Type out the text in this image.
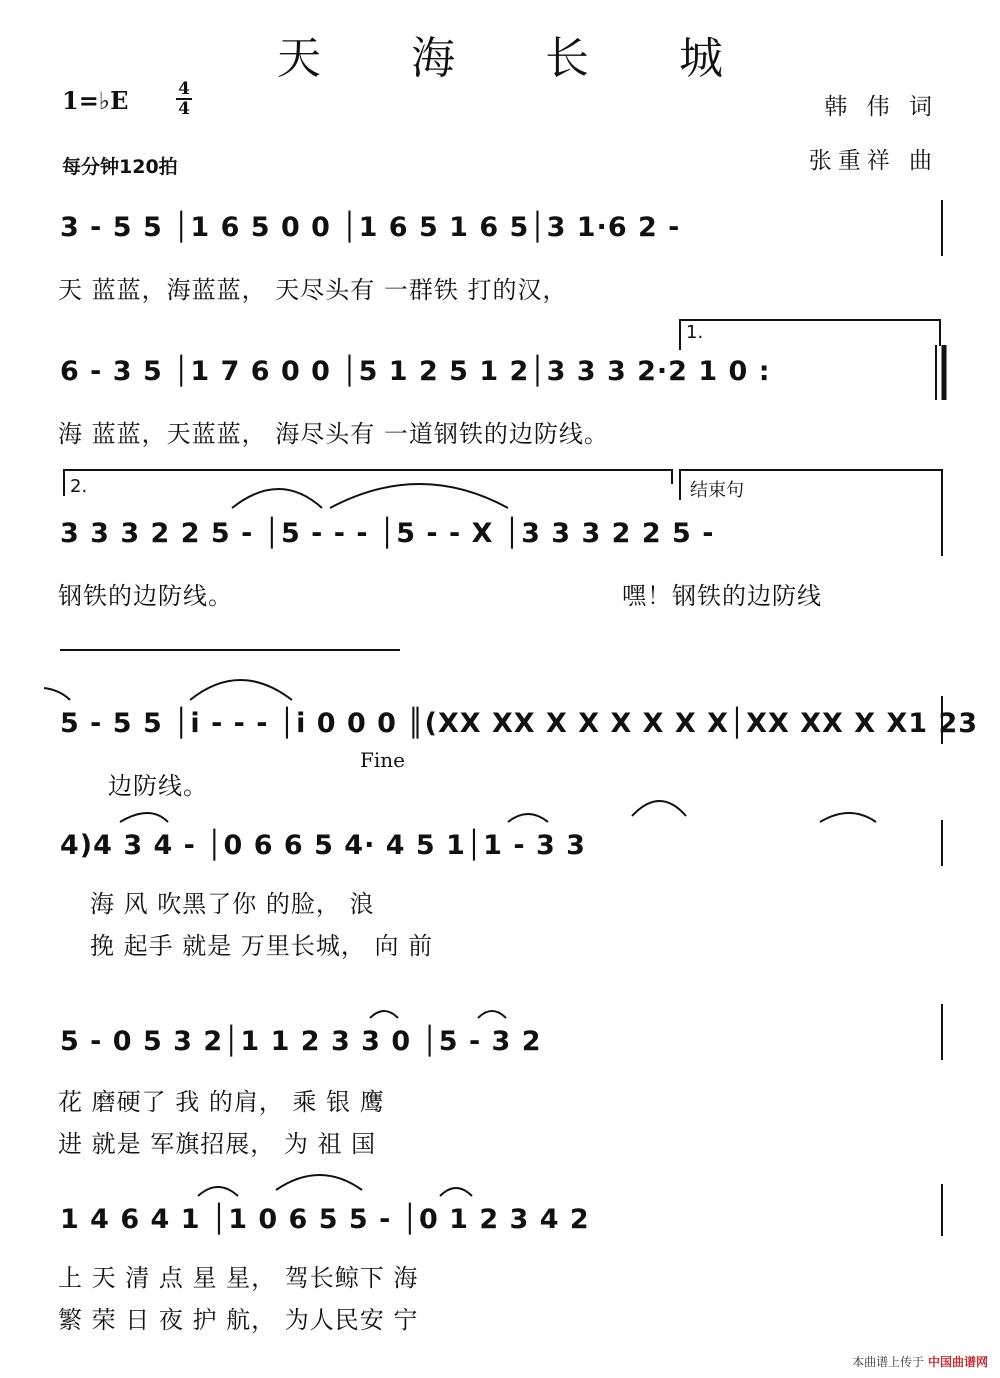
天 海 长 城
1=♭E	4
4
每分钟120拍
韩 伟 词
张重祥 曲
3 - 5 5 │1 6 5 0 0 │1 6 5 1 6 5│3 1·6 2 -
天 蓝蓝，海蓝蓝， 天尽头有 一群铁 打的汉，
1.
6 - 3 5 │1 7 6 0 0 │5 1 2 5 1 2│3 3 3 2·2 1 0 :
海 蓝蓝，天蓝蓝， 海尽头有 一道钢铁的边防线。
2.	结束句
3 3 3 2 2 5 - │5 - - - │5 - - X │3 3 3 2 2 5 -
钢铁的边防线。	嘿！钢铁的边防线
5 - 5 5 │i - - - │i 0 0 0 ║(XX XX X X X X X X│XX XX X X1 23
Fine
边防线。
4)4 3 4 - │0 6 6 5 4· 4 5 1│1 - 3 3
海 风 吹黑了你 的脸， 浪
挽 起手 就是 万里长城， 向 前
5 - 0 5 3 2│1 1 2 3 3 0 │5 - 3 2
花 磨硬了 我 的肩， 乘 银 鹰
进 就是 军旗招展， 为 祖 国
1 4 6 4 1 │1 0 6 5 5 - │0 1 2 3 4 2
上 天 清 点 星 星， 驾长鲸下 海
繁 荣 日 夜 护 航， 为人民安 宁
本曲谱上传于 中国曲谱网
